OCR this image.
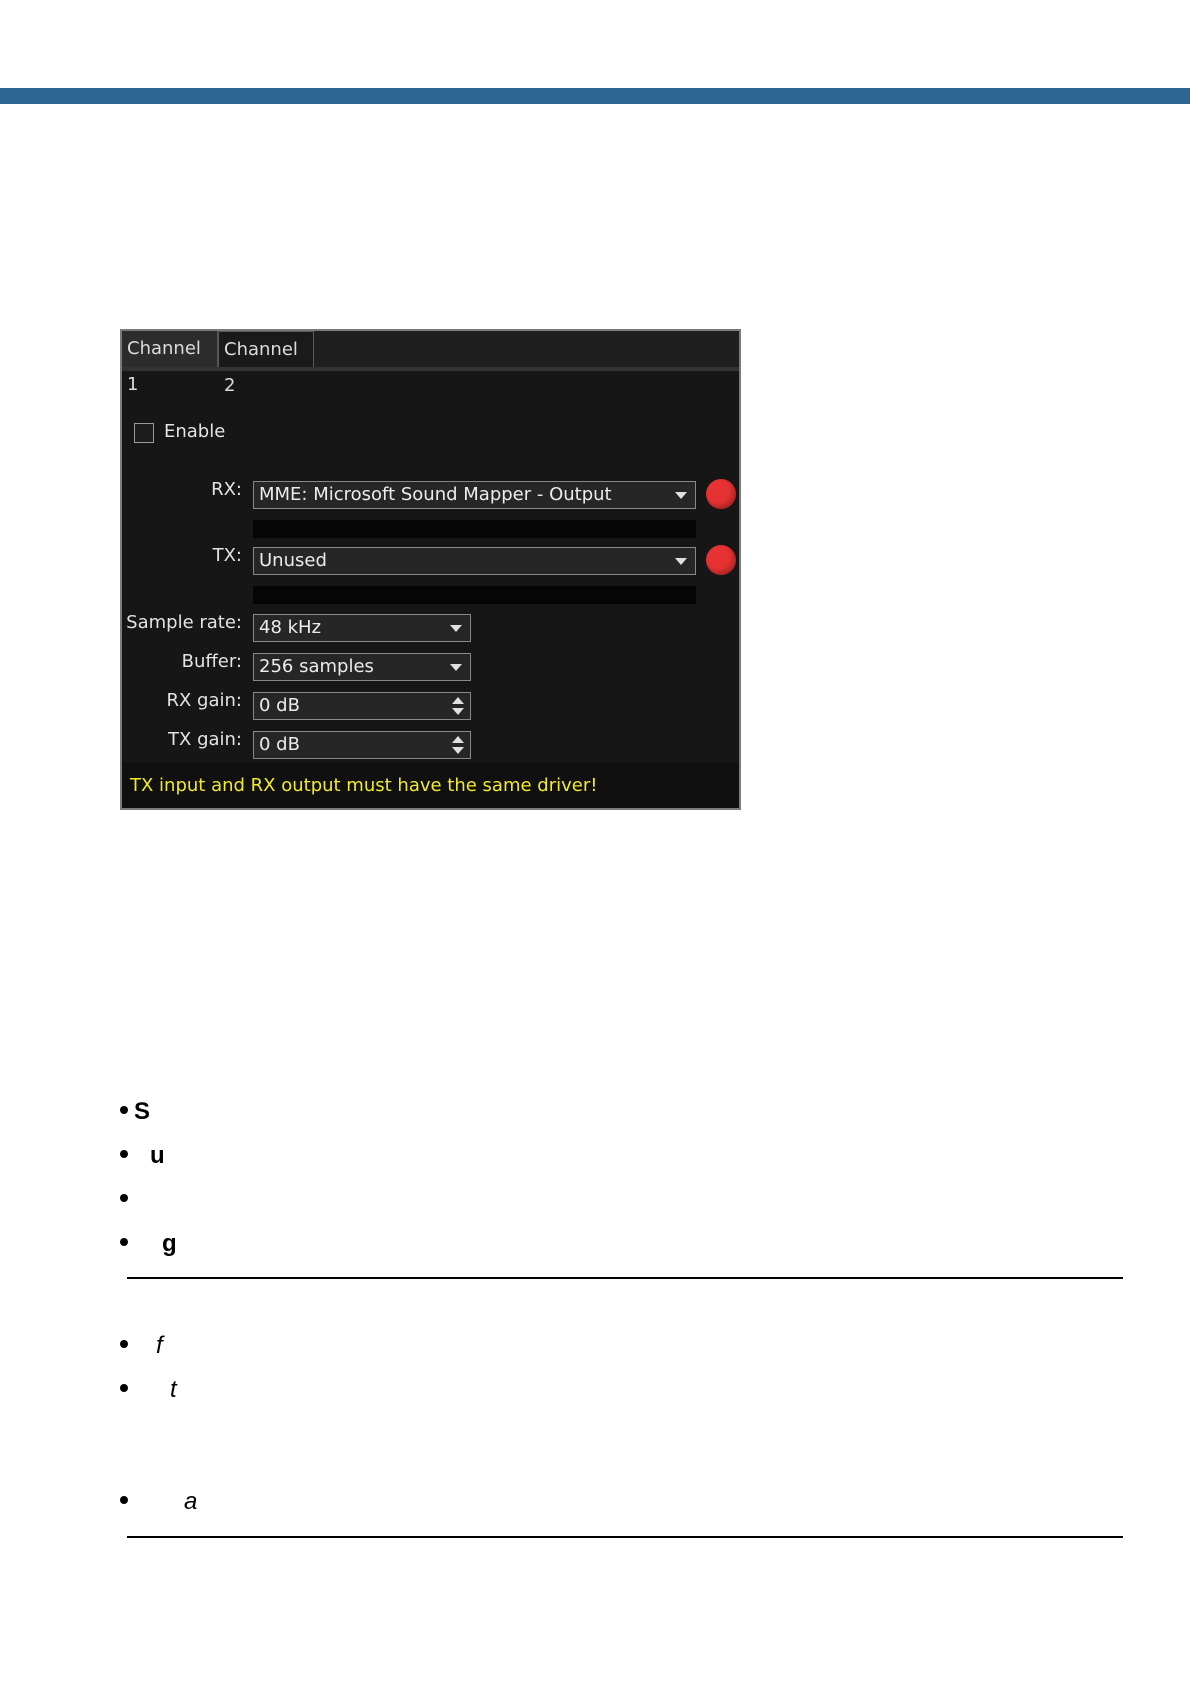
Channel 1
Channel 2
Enable
RX: MME: Microsoft Sound Mapper - Output
TX: Unused
Sample rate: 48 kHz
Buffer: 256 samples
RX gain: 0 dB
TX gain: 0 dB
TX input and RX output must have the same driver!
S
u
g
f
t
a
